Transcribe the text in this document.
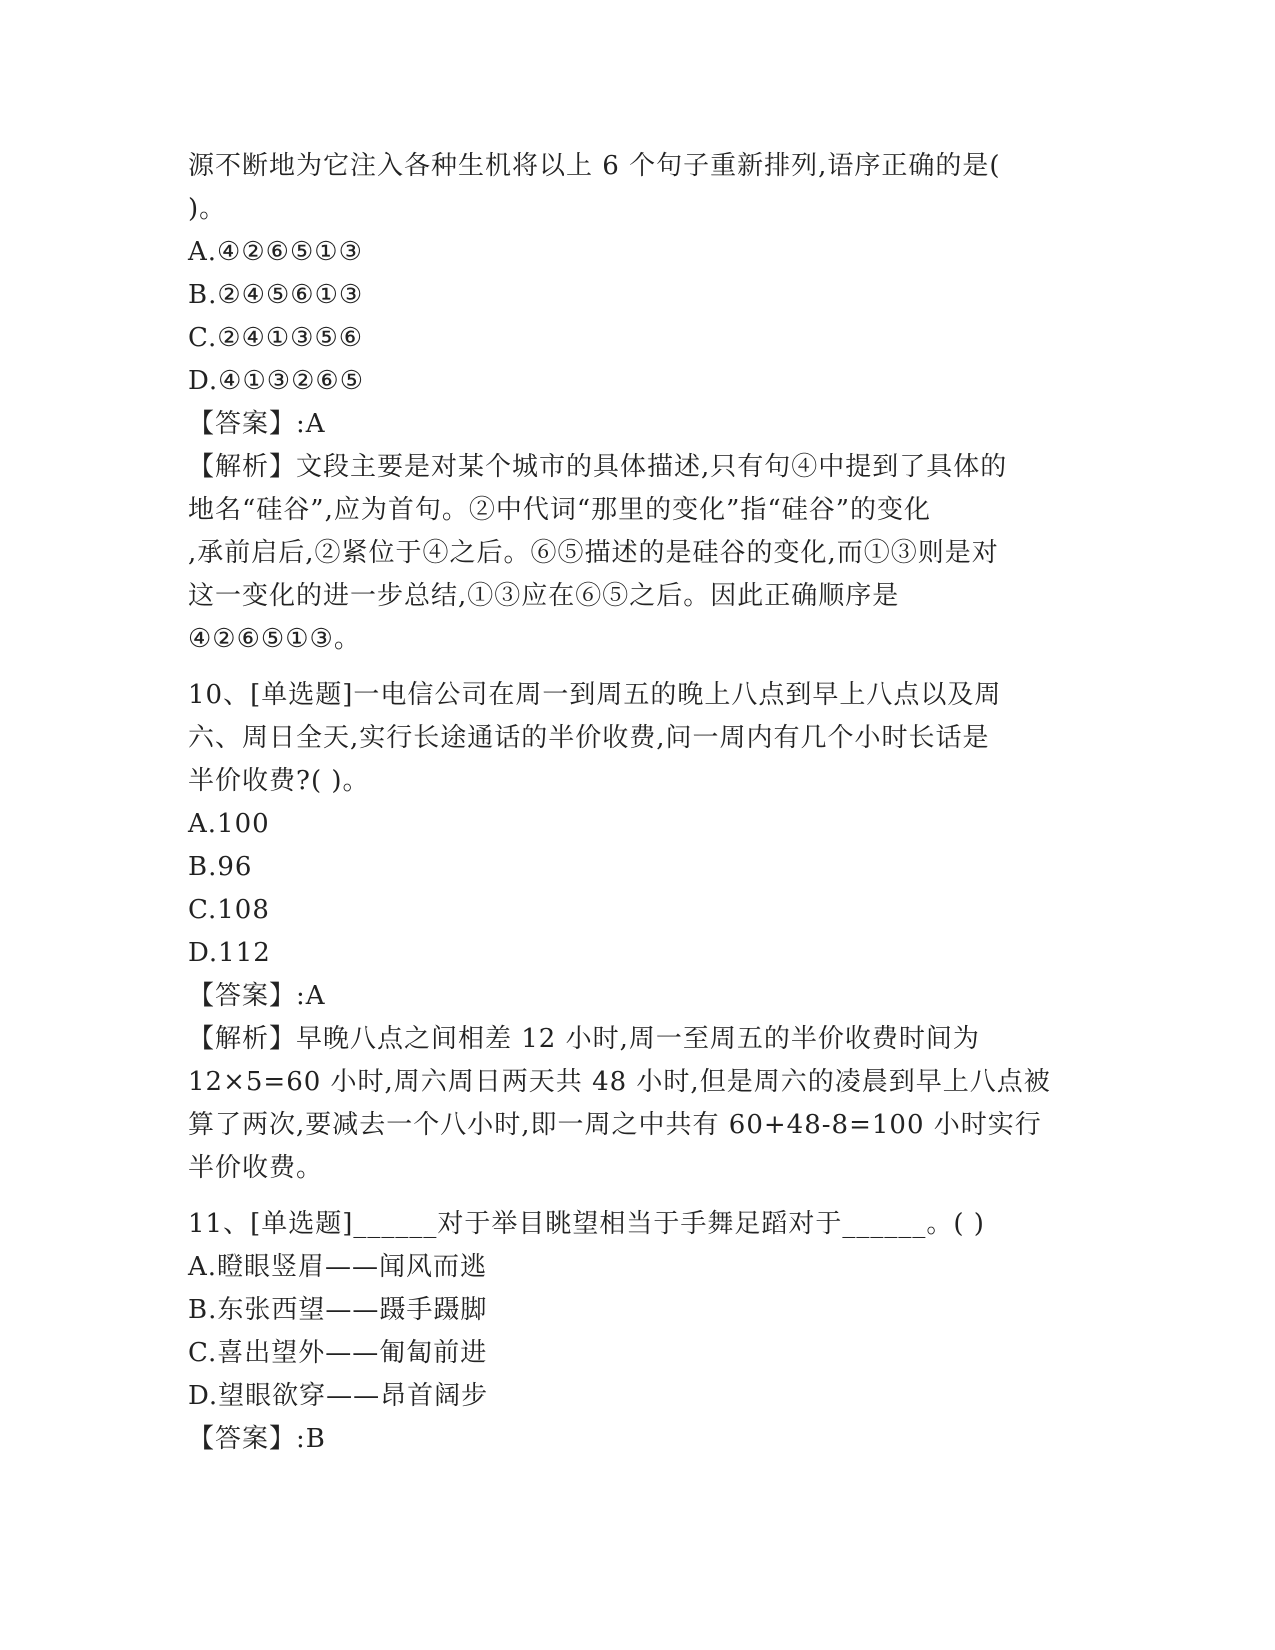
源不断地为它注入各种生机将以上 6 个句子重新排列,语序正确的是(
)。
A.④②⑥⑤①③
B.②④⑤⑥①③
C.②④①③⑤⑥
D.④①③②⑥⑤
【答案】:A
【解析】文段主要是对某个城市的具体描述,只有句④中提到了具体的
地名“硅谷”,应为首句。②中代词“那里的变化”指“硅谷”的变化
,承前启后,②紧位于④之后。⑥⑤描述的是硅谷的变化,而①③则是对
这一变化的进一步总结,①③应在⑥⑤之后。因此正确顺序是
④②⑥⑤①③。
10、[单选题]一电信公司在周一到周五的晚上八点到早上八点以及周
六、周日全天,实行长途通话的半价收费,问一周内有几个小时长话是
半价收费?( )。
A.100
B.96
C.108
D.112
【答案】:A
【解析】早晚八点之间相差 12 小时,周一至周五的半价收费时间为
12×5=60 小时,周六周日两天共 48 小时,但是周六的凌晨到早上八点被
算了两次,要减去一个八小时,即一周之中共有 60+48-8=100 小时实行
半价收费。
11、[单选题]______对于举目眺望相当于手舞足蹈对于______。( )
A.瞪眼竖眉——闻风而逃
B.东张西望——蹑手蹑脚
C.喜出望外——匍匐前进
D.望眼欲穿——昂首阔步
【答案】:B
